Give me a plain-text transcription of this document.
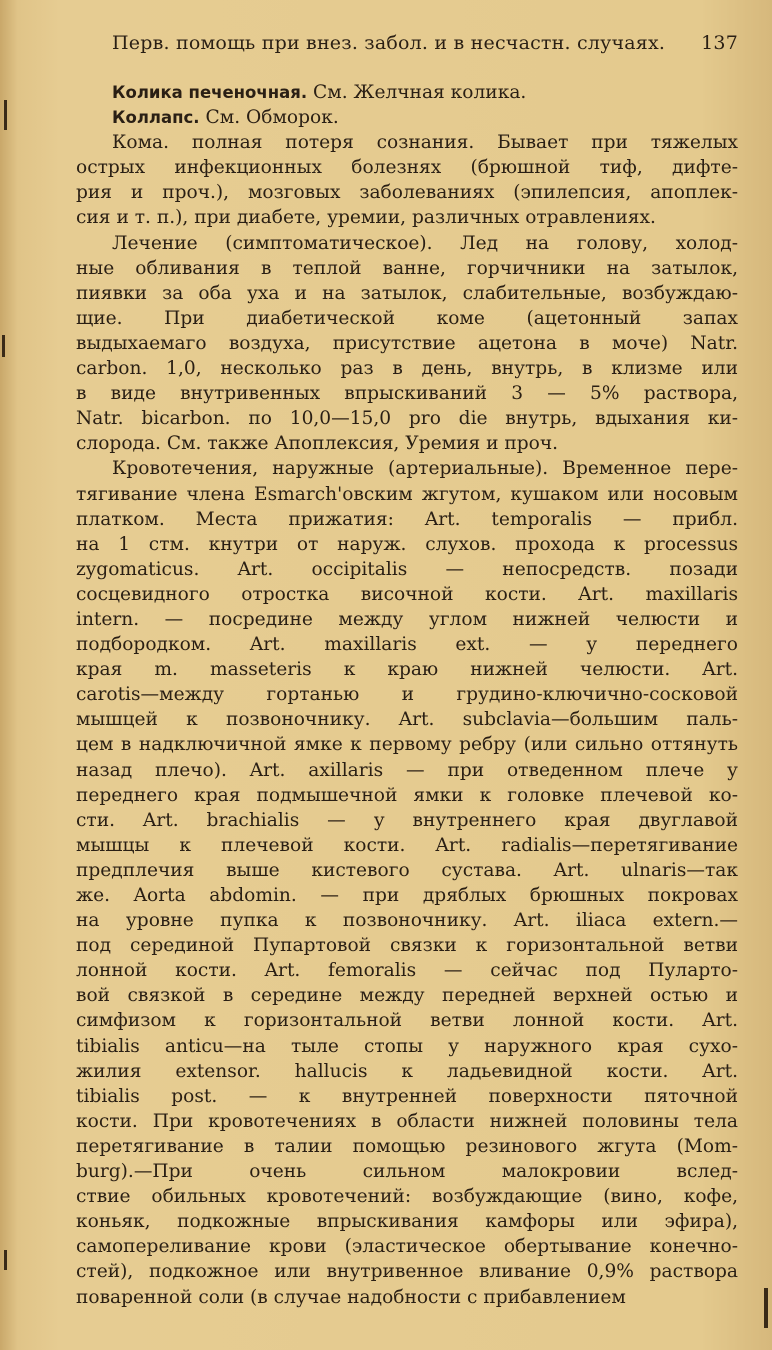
Перв. помощь при внез. забол. и в несчастн. случаях. 137
Колика печеночная. См. Желчная колика.
Коллапс. См. Обморок.
Кома. полная потеря сознания. Бывает при тяжелых
острых инфекционных болезнях (брюшной тиф, дифте-
рия и проч.), мозговых заболеваниях (эпилепсия, апоплек-
сия и т. п.), при диабете, уремии, различных отравлениях.
Лечение (симптоматическое). Лед на голову, холод-
ные обливания в теплой ванне, горчичники на затылок,
пиявки за оба уха и на затылок, слабительные, возбуждаю-
щие. При диабетической коме (ацетонный запах
выдыхаемаго воздуха, присутствие ацетона в моче) Natr.
carbon. 1,0, несколько раз в день, внутрь, в клизме или
в виде внутривенных впрыскиваний 3 — 5% раствора,
Natr. bicarbon. по 10,0—15,0 pro die внутрь, вдыхания ки-
слорода. См. также Апоплексия, Уремия и проч.
Кровотечения, наружные (артериальные). Временное пере-
тягивание члена Esmarch'овским жгутом, кушаком или носовым
платком. Места прижатия: Art. temporalis — прибл.
на 1 стм. кнутри от наруж. слухов. прохода к processus
zygomaticus. Art. occipitalis — непосредств. позади
сосцевидного отростка височной кости. Art. maxillaris
intern. — посредине между углом нижней челюсти и
подбородком. Art. maxillaris ext. — у переднего
края m. masseteris к краю нижней челюсти. Art.
carotis—между гортанью и грудино-ключично-сосковой
мышцей к позвоночнику. Art. subclavia—большим паль-
цем в надключичной ямке к первому ребру (или сильно оттянуть
назад плечо). Art. axillaris — при отведенном плече у
переднего края подмышечной ямки к головке плечевой ко-
сти. Art. brachialis — у внутреннего края двуглавой
мышцы к плечевой кости. Art. radialis—перетягивание
предплечия выше кистевого сустава. Art. ulnaris—так
же. Aorta abdomin. — при дряблых брюшных покровах
на уровне пупка к позвоночнику. Art. iliaca extern.—
под серединой Пупартовой связки к горизонтальной ветви
лонной кости. Art. femoralis — сейчас под Пуларто-
вой связкой в середине между передней верхней остью и
симфизом к горизонтальной ветви лонной кости. Art.
tibialis anticu—на тыле стопы у наружного края сухо-
жилия extensor. hallucis к ладьевидной кости. Art.
tibialis post. — к внутренней поверхности пяточной
кости. При кровотечениях в области нижней половины тела
перетягивание в талии помощью резинового жгута (Mom-
burg).—При очень сильном малокровии вслед-
ствие обильных кровотечений: возбуждающие (вино, кофе,
коньяк, подкожные впрыскивания камфоры или эфира),
самопереливание крови (эластическое обертывание конечно-
стей), подкожное или внутривенное вливание 0,9% раствора
поваренной соли (в случае надобности с прибавлением
